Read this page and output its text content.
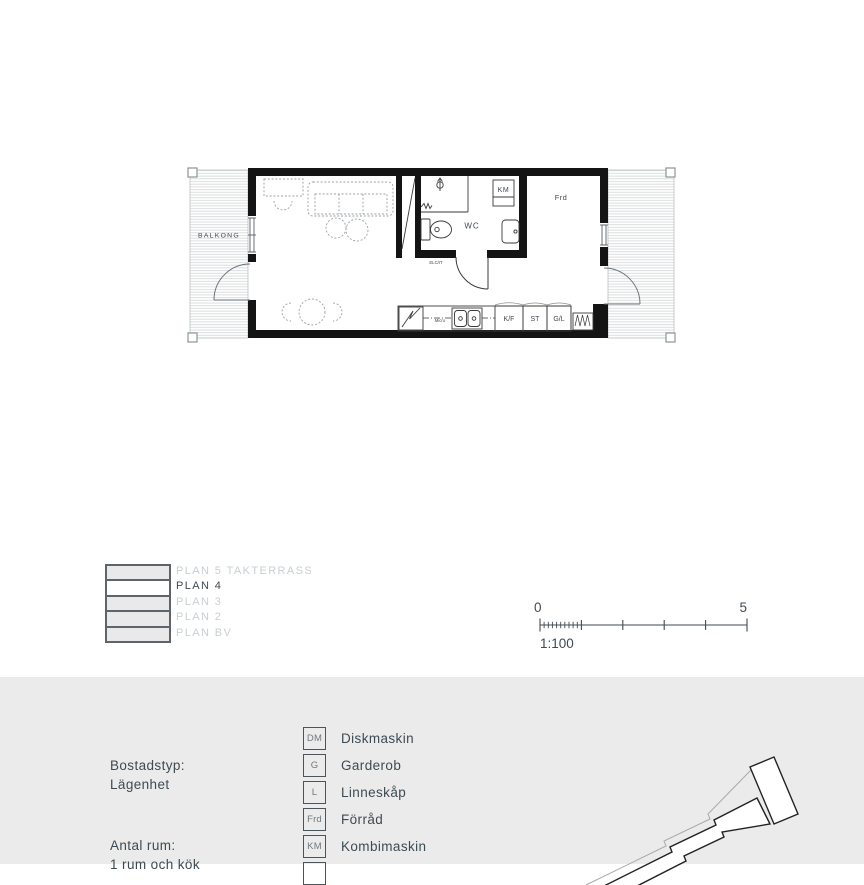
BALKONG
KM
WC
Frd
ELC/IT
Micro	K/F ST G/L
PLAN 5 TAKTERRASS
PLAN 4
PLAN 3
PLAN 2
PLAN BV
0	5
1:100
Bostadstyp:
Lägenhet
Antal rum:
1 rum och kök
DM Diskmaskin
G Garderob
L Linneskåp
Frd Förråd
KM Kombimaskin
